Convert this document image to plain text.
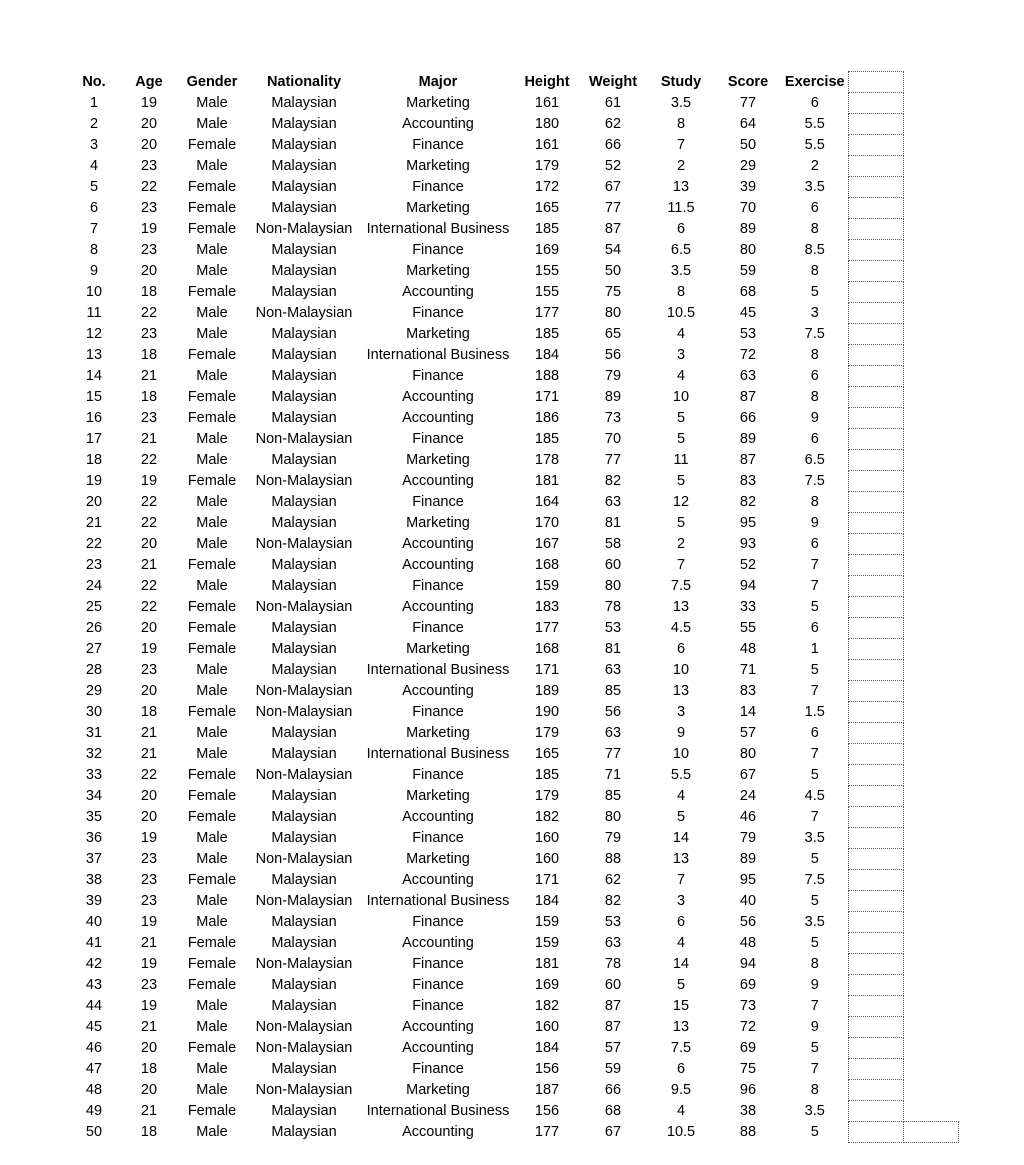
No.	Age	Gender	Nationality	Major	Height	Weight	Study	Score	Exercise		
1	19	Male	Malaysian	Marketing	161	61	3.5	77	6		
2	20	Male	Malaysian	Accounting	180	62	8	64	5.5		
3	20	Female	Malaysian	Finance	161	66	7	50	5.5		
4	23	Male	Malaysian	Marketing	179	52	2	29	2		
5	22	Female	Malaysian	Finance	172	67	13	39	3.5		
6	23	Female	Malaysian	Marketing	165	77	11.5	70	6		
7	19	Female	Non-Malaysian	International Business	185	87	6	89	8		
8	23	Male	Malaysian	Finance	169	54	6.5	80	8.5		
9	20	Male	Malaysian	Marketing	155	50	3.5	59	8		
10	18	Female	Malaysian	Accounting	155	75	8	68	5		
11	22	Male	Non-Malaysian	Finance	177	80	10.5	45	3		
12	23	Male	Malaysian	Marketing	185	65	4	53	7.5		
13	18	Female	Malaysian	International Business	184	56	3	72	8		
14	21	Male	Malaysian	Finance	188	79	4	63	6		
15	18	Female	Malaysian	Accounting	171	89	10	87	8		
16	23	Female	Malaysian	Accounting	186	73	5	66	9		
17	21	Male	Non-Malaysian	Finance	185	70	5	89	6		
18	22	Male	Malaysian	Marketing	178	77	11	87	6.5		
19	19	Female	Non-Malaysian	Accounting	181	82	5	83	7.5		
20	22	Male	Malaysian	Finance	164	63	12	82	8		
21	22	Male	Malaysian	Marketing	170	81	5	95	9		
22	20	Male	Non-Malaysian	Accounting	167	58	2	93	6		
23	21	Female	Malaysian	Accounting	168	60	7	52	7		
24	22	Male	Malaysian	Finance	159	80	7.5	94	7		
25	22	Female	Non-Malaysian	Accounting	183	78	13	33	5		
26	20	Female	Malaysian	Finance	177	53	4.5	55	6		
27	19	Female	Malaysian	Marketing	168	81	6	48	1		
28	23	Male	Malaysian	International Business	171	63	10	71	5		
29	20	Male	Non-Malaysian	Accounting	189	85	13	83	7		
30	18	Female	Non-Malaysian	Finance	190	56	3	14	1.5		
31	21	Male	Malaysian	Marketing	179	63	9	57	6		
32	21	Male	Malaysian	International Business	165	77	10	80	7		
33	22	Female	Non-Malaysian	Finance	185	71	5.5	67	5		
34	20	Female	Malaysian	Marketing	179	85	4	24	4.5		
35	20	Female	Malaysian	Accounting	182	80	5	46	7		
36	19	Male	Malaysian	Finance	160	79	14	79	3.5		
37	23	Male	Non-Malaysian	Marketing	160	88	13	89	5		
38	23	Female	Malaysian	Accounting	171	62	7	95	7.5		
39	23	Male	Non-Malaysian	International Business	184	82	3	40	5		
40	19	Male	Malaysian	Finance	159	53	6	56	3.5		
41	21	Female	Malaysian	Accounting	159	63	4	48	5		
42	19	Female	Non-Malaysian	Finance	181	78	14	94	8		
43	23	Female	Malaysian	Finance	169	60	5	69	9		
44	19	Male	Malaysian	Finance	182	87	15	73	7		
45	21	Male	Non-Malaysian	Accounting	160	87	13	72	9		
46	20	Female	Non-Malaysian	Accounting	184	57	7.5	69	5		
47	18	Male	Malaysian	Finance	156	59	6	75	7		
48	20	Male	Non-Malaysian	Marketing	187	66	9.5	96	8		
49	21	Female	Malaysian	International Business	156	68	4	38	3.5		
50	18	Male	Malaysian	Accounting	177	67	10.5	88	5		
